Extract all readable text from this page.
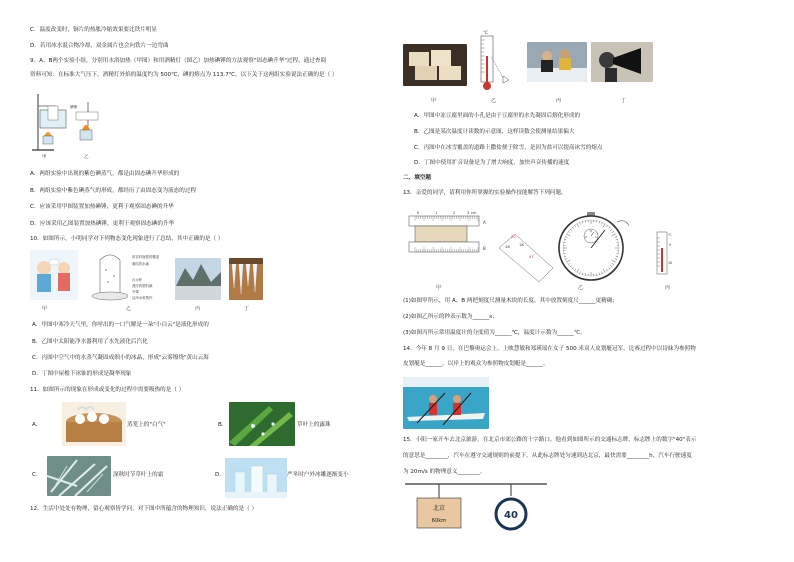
C．温度改变时，铜片的热胀冷缩效果要比铁片明显
D．若用冰水混合物冷却，双金属片也会向铁片一边弯曲
9．A、B两个实验小组，分别用水浴加热（甲图）和用酒精灯（图乙）加热碘锤的方法观察"固态碘升华"过程，通过查阅
资料可知：在标准大气压下，酒精灯外焰的温度约为 500℃，碘的熔点为 113.7℃。以下关于这两组实验说法正确的是（ ）
甲	乙
碘锤
A．两组实验中出现的紫色碘蒸气，都是由固态碘升华形成的
B．两组实验中紫色碘蒸气的形成，都经历了由固态变为液态的过程
C．应该采用甲图装置加热碘锤，更利于观察固态碘的升华
D．应该采用乙图装置加热碘锤，更利于观察固态碘的升华
10．如图所示，小明同学对下列物态变化现象进行了总结，其中正确的是（ ）
用饮料瓶做的覆盖
凝结的水滴
污水杯
漂浮的塑料碗
外罩
洁净水收集杯
甲	乙	丙	丁
A．甲图中寒冷天气里，你呼出的一口气解是一朵"小白云"是液化形成的
B．乙图中太阳能净水器利用了水先液化后汽化
C．丙图中空气中的水蒸气凝固成细小的冰晶，形成"云雾缭绕"黄山云海
D．丁图中屋檐下冰锥的形成是凝华现象
11．如图所示的现象在形成或变化的过程中需要吸热的是（ ）
A．	蒸笼上的"白气"	B．	草叶上的露珠
C．	深秋时节草叶上的霜	D．	严冬时户外冰雕逐渐变小
12．生活中处处有物理，留心观察皆学问。对下图中所蕴含的物理知识，说法正确的是（ ）
℃
甲	乙	丙	丁
A．甲图中冻豆腐里面的小孔是由于豆腐里的水先凝固后熔化形成的
B．乙图是某次温度计读数的示意图，这样读数会使测量结果偏大
C．丙图中在冰雪覆盖的道路上撒盐便于除雪，是因为盐可以提高冰雪的熔点
D．丁图中使用扩音设备是为了增大响度，加快声音传播的速度
二、填空题
13．亲爱的同学，请利用你所掌握的实验操作技能解答下列问题。
0	1	2	3 cm
A
B
20
47
16 18
0
1
2	℃
0
10
甲	乙	丙
(1)如图甲所示，用 A、B 两把刻度尺测量木块的长度，其中放置刻度尺______更精确；
(2)如图乙所示的秒表示数为______s；
(3)如图丙所示常用温度计的分度值为______℃，温度计示数为______℃。
14．今年 8 月 9 日，在巴黎奥运会上，上映慧敏和郑瑛瑶在女子 500 米双人皮划艇冠军，比赛过程中以诗妹为参照物
皮划艇是______，以岸上的观众为参照物皮划艇是______。
15．小阳一家开车去北京旅游，在北京市郊公路的十字路口，他看到如图所示的交通标志牌，标志牌上的数字"40"表示
的意思是________，汽车在遵守交通规则的前提下，从此标志牌处匀速到达北京，最快需要________h，汽车行驶速度
为 20m/s 的物理意义________。
北京
60km	40
